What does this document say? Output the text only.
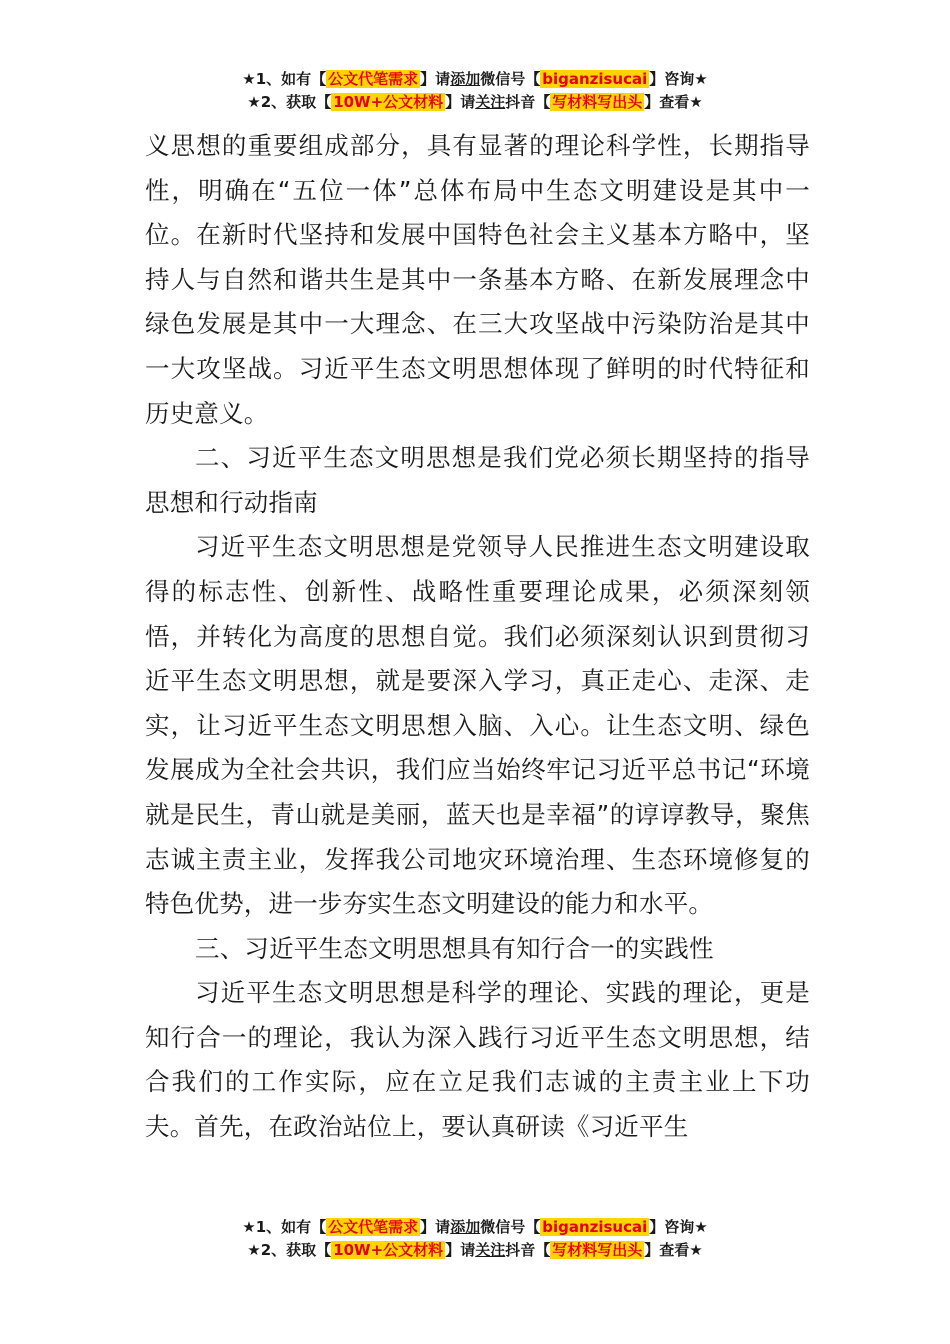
★1、如有【 公文代笔需求 】请添加微信号【 biganzisucai 】咨询★
★2、获取【 10W+公文材料 】请关注抖音【 写材料写出头 】查看★

义思想的重要组成部分，具有显著的理论科学性，长期指导性，明确在“五位一体”总体布局中生态文明建设是其中一位。在新时代坚持和发展中国特色社会主义基本方略中，坚持人与自然和谐共生是其中一条基本方略、在新发展理念中绿色发展是其中一大理念、在三大攻坚战中污染防治是其中一大攻坚战。习近平生态文明思想体现了鲜明的时代特征和历史意义。

二、习近平生态文明思想是我们党必须长期坚持的指导思想和行动指南

习近平生态文明思想是党领导人民推进生态文明建设取得的标志性、创新性、战略性重要理论成果，必须深刻领悟，并转化为高度的思想自觉。我们必须深刻认识到贯彻习近平生态文明思想，就是要深入学习，真正走心、走深、走实，让习近平生态文明思想入脑、入心。让生态文明、绿色发展成为全社会共识，我们应当始终牢记习近平总书记“环境就是民生，青山就是美丽，蓝天也是幸福”的谆谆教导，聚焦志诚主责主业，发挥我公司地灾环境治理、生态环境修复的特色优势，进一步夯实生态文明建设的能力和水平。

三、习近平生态文明思想具有知行合一的实践性

习近平生态文明思想是科学的理论、实践的理论，更是知行合一的理论，我认为深入践行习近平生态文明思想，结合我们的工作实际，应在立足我们志诚的主责主业上下功夫。首先，在政治站位上，要认真研读《习近平生

★1、如有【 公文代笔需求 】请添加微信号【 biganzisucai 】咨询★
★2、获取【 10W+公文材料 】请关注抖音【 写材料写出头 】查看★
